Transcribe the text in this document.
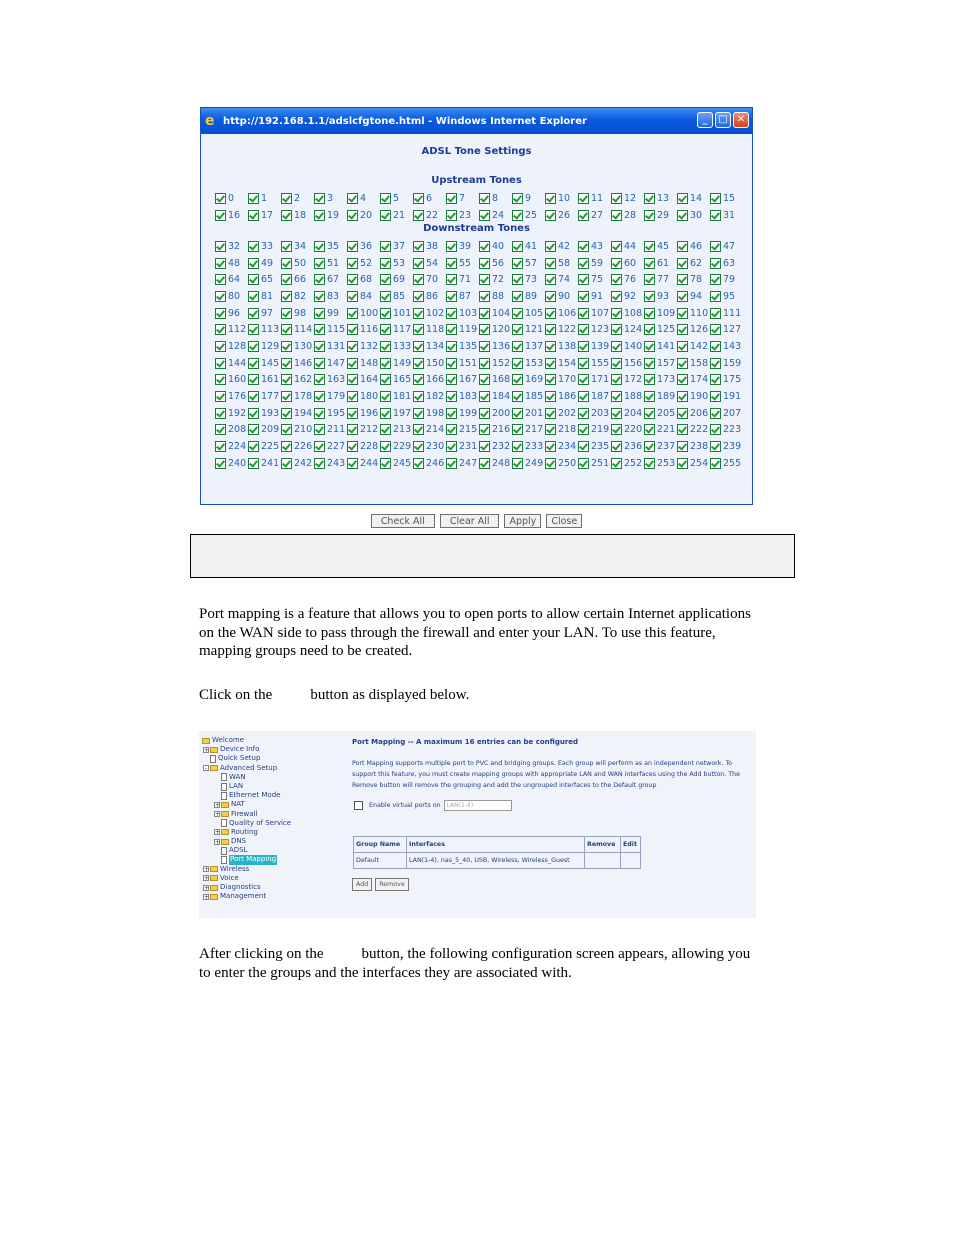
e http://192.168.1.1/adslcfgtone.html - Windows Internet Explorer	_	□ ✕
ADSL Tone Settings
Upstream Tones
0	1	2	3	4	5	6	7	8	9	10 11 12 13 14 15
16 17 18 19 20 21 22 23 24 25 26 27 28 29 30 31
Downstream Tones
32 33 34 35 36 37 38 39 40 41 42 43 44 45 46 47
48 49 50 51 52 53 54 55 56 57 58 59 60 61 62 63
64 65 66 67 68 69 70 71 72 73 74 75 76 77 78 79
80 81 82 83 84 85 86 87 88 89 90 91 92 93 94 95
96 97 98 99 100 101 102 103 104 105 106 107 108 109 110 111
112 113 114 115 116 117 118 119 120 121 122 123 124 125 126 127
128 129 130 131 132 133 134 135 136 137 138 139 140 141 142 143
144 145 146 147 148 149 150 151 152 153 154 155 156 157 158 159
160 161 162 163 164 165 166 167 168 169 170 171 172 173 174 175
176 177 178 179 180 181 182 183 184 185 186 187 188 189 190 191
192 193 194 195 196 197 198 199 200 201 202 203 204 205 206 207
208 209 210 211 212 213 214 215 216 217 218 219 220 221 222 223
224 225 226 227 228 229 230 231 232 233 234 235 236 237 238 239
240 241 242 243 244 245 246 247 248 249 250 251 252 253 254 255
Check All	Clear All	Apply	Close
Port mapping is a feature that allows you to open ports to allow certain Internet applications on the WAN side to pass through the firewall and enter your LAN. To use this feature, mapping groups need to be created.
Click on the	button as displayed below.
Welcome
+ Device Info
Quick Setup
- Advanced Setup
WAN
LAN
Ethernet Mode
+ NAT
+ Firewall
Quality of Service
+ Routing
+ DNS
ADSL
Port Mapping
+ Wireless
+ Voice
+ Diagnostics
+ Management
Port Mapping -- A maximum 16 entries can be configured
Port Mapping supports multiple port to PVC and bridging groups. Each group will perform as an independent network. To support this feature, you must create mapping groups with appropriate LAN and WAN interfaces using the Add button. The Remove button will remove the grouping and add the ungrouped interfaces to the Default group
Enable virtual ports on	LAN(1-4)
Group Name	Interfaces	Remove	Edit
Default	LAN(1-4), nas_5_40, USB, Wireless, Wireless_Guest		
Add	Remove
After clicking on the	button, the following configuration screen appears, allowing you to enter the groups and the interfaces they are associated with.
